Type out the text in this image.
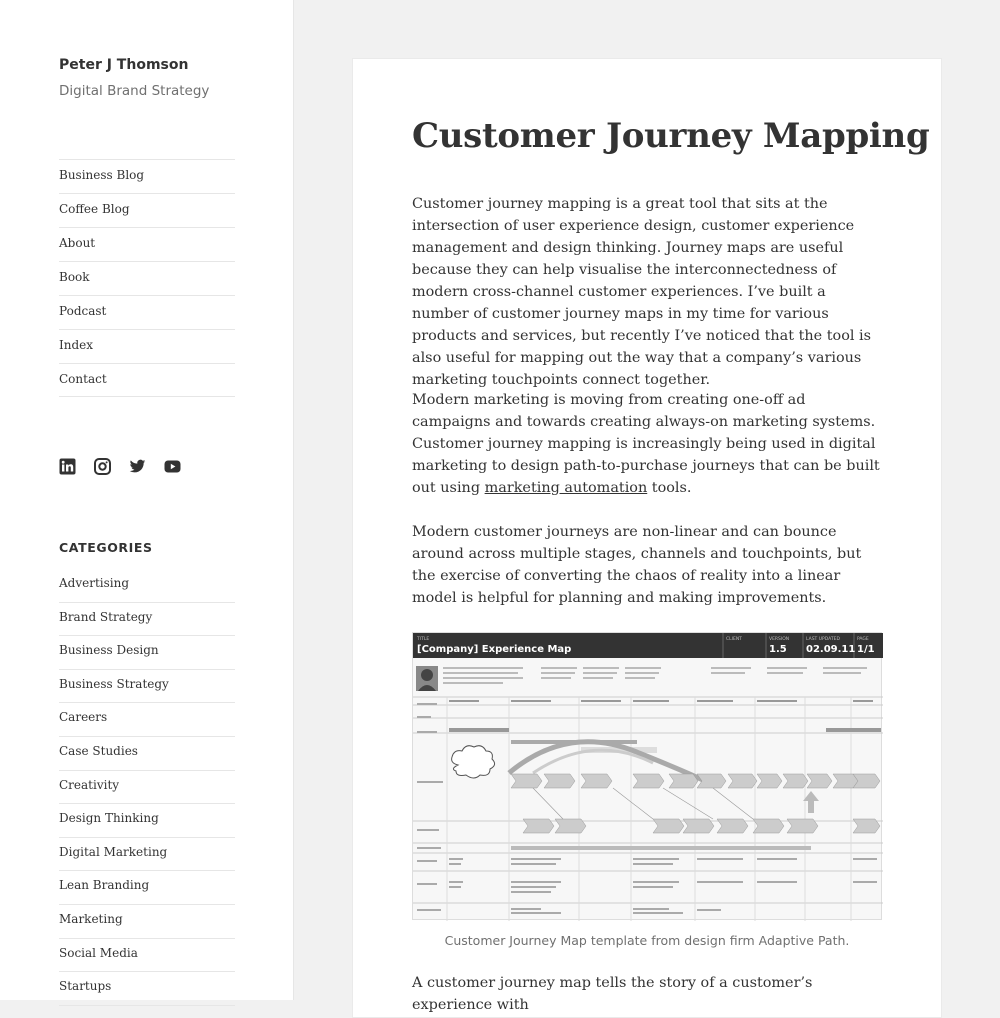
Peter J Thomson
Digital Brand Strategy
Business Blog
Coffee Blog
About
Book
Podcast
Index
Contact
CATEGORIES
Advertising
Brand Strategy
Business Design
Business Strategy
Careers
Case Studies
Creativity
Design Thinking
Digital Marketing
Lean Branding
Marketing
Social Media
Startups
Customer Journey Mapping

Customer journey mapping is a great tool that sits at the intersection of user experience design, customer experience management and design thinking. Journey maps are useful because they can help visualise the interconnectedness of modern cross-channel customer experiences. I’ve built a number of customer journey maps in my time for various products and services, but recently I’ve noticed that the tool is also useful for mapping out the way that a company’s various marketing touchpoints connect together.

Modern marketing is moving from creating one-off ad campaigns and towards creating always-on marketing systems. Customer journey mapping is increasingly being used in digital marketing to design path-to-purchase journeys that can be built out using marketing automation tools.

Modern customer journeys are non-linear and can bounce around across multiple stages, channels and touchpoints, but the exercise of converting the chaos of reality into a linear model is helpful for planning and making improvements.

TITLE
[Company] Experience Map
CLIENT	VERSION
1.5
LAST UPDATED
02.09.11
PAGE
1/1
Customer Journey Map template from design firm Adaptive Path.

A customer journey map tells the story of a customer’s experience with
